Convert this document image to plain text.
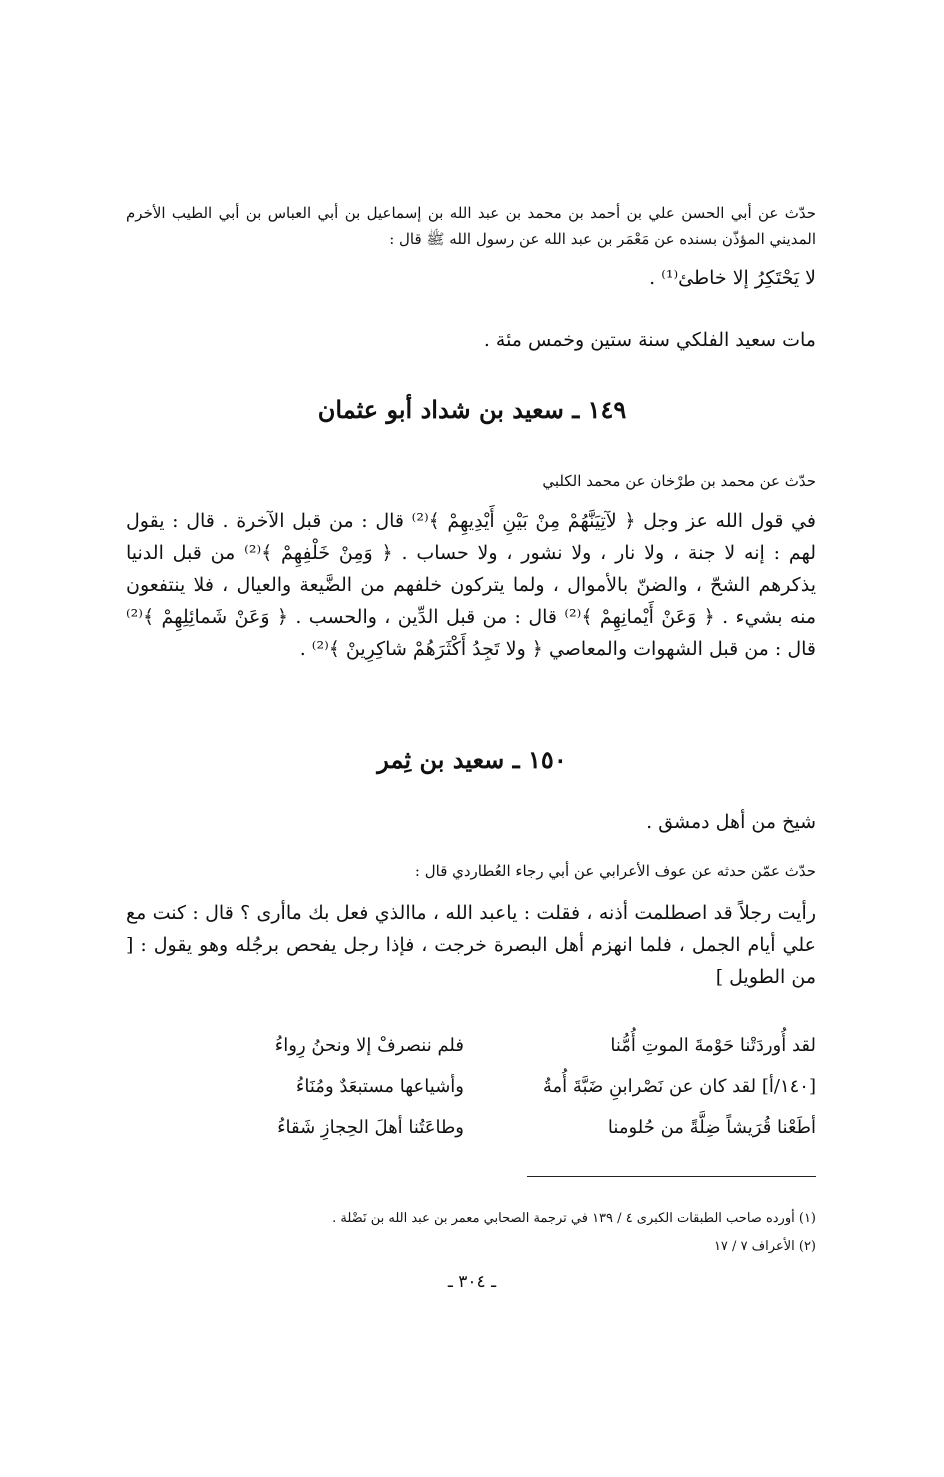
حدّث عن أبي الحسن علي بن أحمد بن محمد بن عبد الله بن إسماعيل بن أبي العباس بن أبي الطيب الأخرم المديني المؤذّن بسنده عن مَعْمَر بن عبد الله عن رسول الله ﷺ قال :
لا يَحْتَكِرُ إلا خاطئ⁽¹⁾ .
مات سعيد الفلكي سنة ستين وخمس مئة .
١٤٩ ـ سعيد بن شداد أبو عثمان
حدّث عن محمد بن طرْخان عن محمد الكلبي
في قول الله عز وجل ﴿ لآتِيَنَّهُمْ مِنْ بَيْنِ أَيْدِيهِمْ ﴾⁽²⁾ قال : من قبل الآخرة . قال : يقول لهم : إنه لا جنة ، ولا نار ، ولا نشور ، ولا حساب . ﴿ وَمِنْ خَلْفِهِمْ ﴾⁽²⁾ من قبل الدنيا يذكرهم الشحّ ، والضنّ بالأموال ، ولما يتركون خلفهم من الضَّيعة والعيال ، فلا ينتفعون منه بشيء . ﴿ وَعَنْ أَيْمانِهِمْ ﴾⁽²⁾ قال : من قبل الدِّين ، والحسب . ﴿ وَعَنْ شَمائِلِهِمْ ﴾⁽²⁾ قال : من قبل الشهوات والمعاصي ﴿ ولا تَجِدُ أَكْثَرَهُمْ شاكِرِينْ ﴾⁽²⁾ .
١٥٠ ـ سعيد بن ثِمر
شيخ من أهل دمشق .
حدّث عمّن حدثه عن عوف الأعرابي عن أبي رجاء العُطاردي قال :
رأيت رجلاً قد اصطلمت أذنه ، فقلت : ياعبد الله ، ماالذي فعل بك ماأرى ؟ قال : كنت مع علي أيام الجمل ، فلما انهزم أهل البصرة خرجت ، فإذا رجل يفحص برجُله وهو يقول : [ من الطويل ]
لقد أُوردَتْنا حَوْمةَ الموتِ أُمُّنا
فلم ننصرفْ إلا ونحنُ رِواءُ
[١٤٠/أ] لقد كان عن نَصْرابنِ ضَبَّةَ أُمةُ
وأشياعها مستبعَدٌ ومُنَاءُ
أطَعْنا قُرَيشاً ضِلَّةً من حُلومنا
وطاعَتُنا أهلَ الحِجازِ شَقاءُ
(١) أورده صاحب الطبقات الكبرى ٤ / ١٣٩ في ترجمة الصحابي معمر بن عبد الله بن نَضْلة .
(٢) الأعراف ٧ / ١٧
ـ ٣٠٤ ـ
